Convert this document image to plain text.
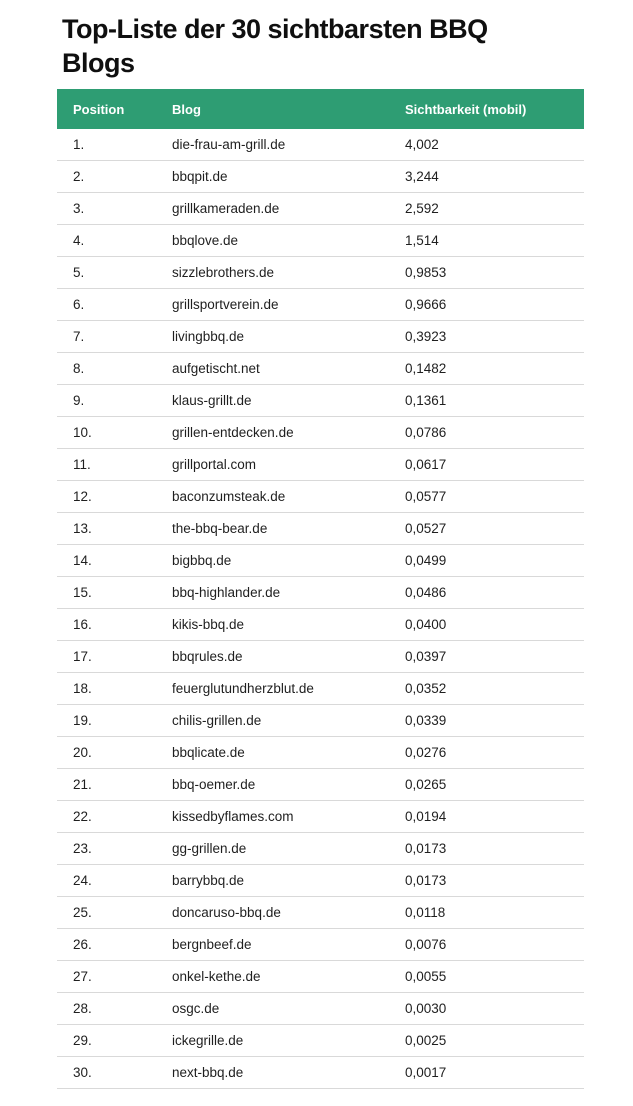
Top-Liste der 30 sichtbarsten BBQ Blogs
Position	Blog	Sichtbarkeit (mobil)
1.	die-frau-am-grill.de	4,002
2.	bbqpit.de	3,244
3.	grillkameraden.de	2,592
4.	bbqlove.de	1,514
5.	sizzlebrothers.de	0,9853
6.	grillsportverein.de	0,9666
7.	livingbbq.de	0,3923
8.	aufgetischt.net	0,1482
9.	klaus-grillt.de	0,1361
10.	grillen-entdecken.de	0,0786
11.	grillportal.com	0,0617
12.	baconzumsteak.de	0,0577
13.	the-bbq-bear.de	0,0527
14.	bigbbq.de	0,0499
15.	bbq-highlander.de	0,0486
16.	kikis-bbq.de	0,0400
17.	bbqrules.de	0,0397
18.	feuerglutundherzblut.de	0,0352
19.	chilis-grillen.de	0,0339
20.	bbqlicate.de	0,0276
21.	bbq-oemer.de	0,0265
22.	kissedbyflames.com	0,0194
23.	gg-grillen.de	0,0173
24.	barrybbq.de	0,0173
25.	doncaruso-bbq.de	0,0118
26.	bergnbeef.de	0,0076
27.	onkel-kethe.de	0,0055
28.	osgc.de	0,0030
29.	ickegrille.de	0,0025
30.	next-bbq.de	0,0017
